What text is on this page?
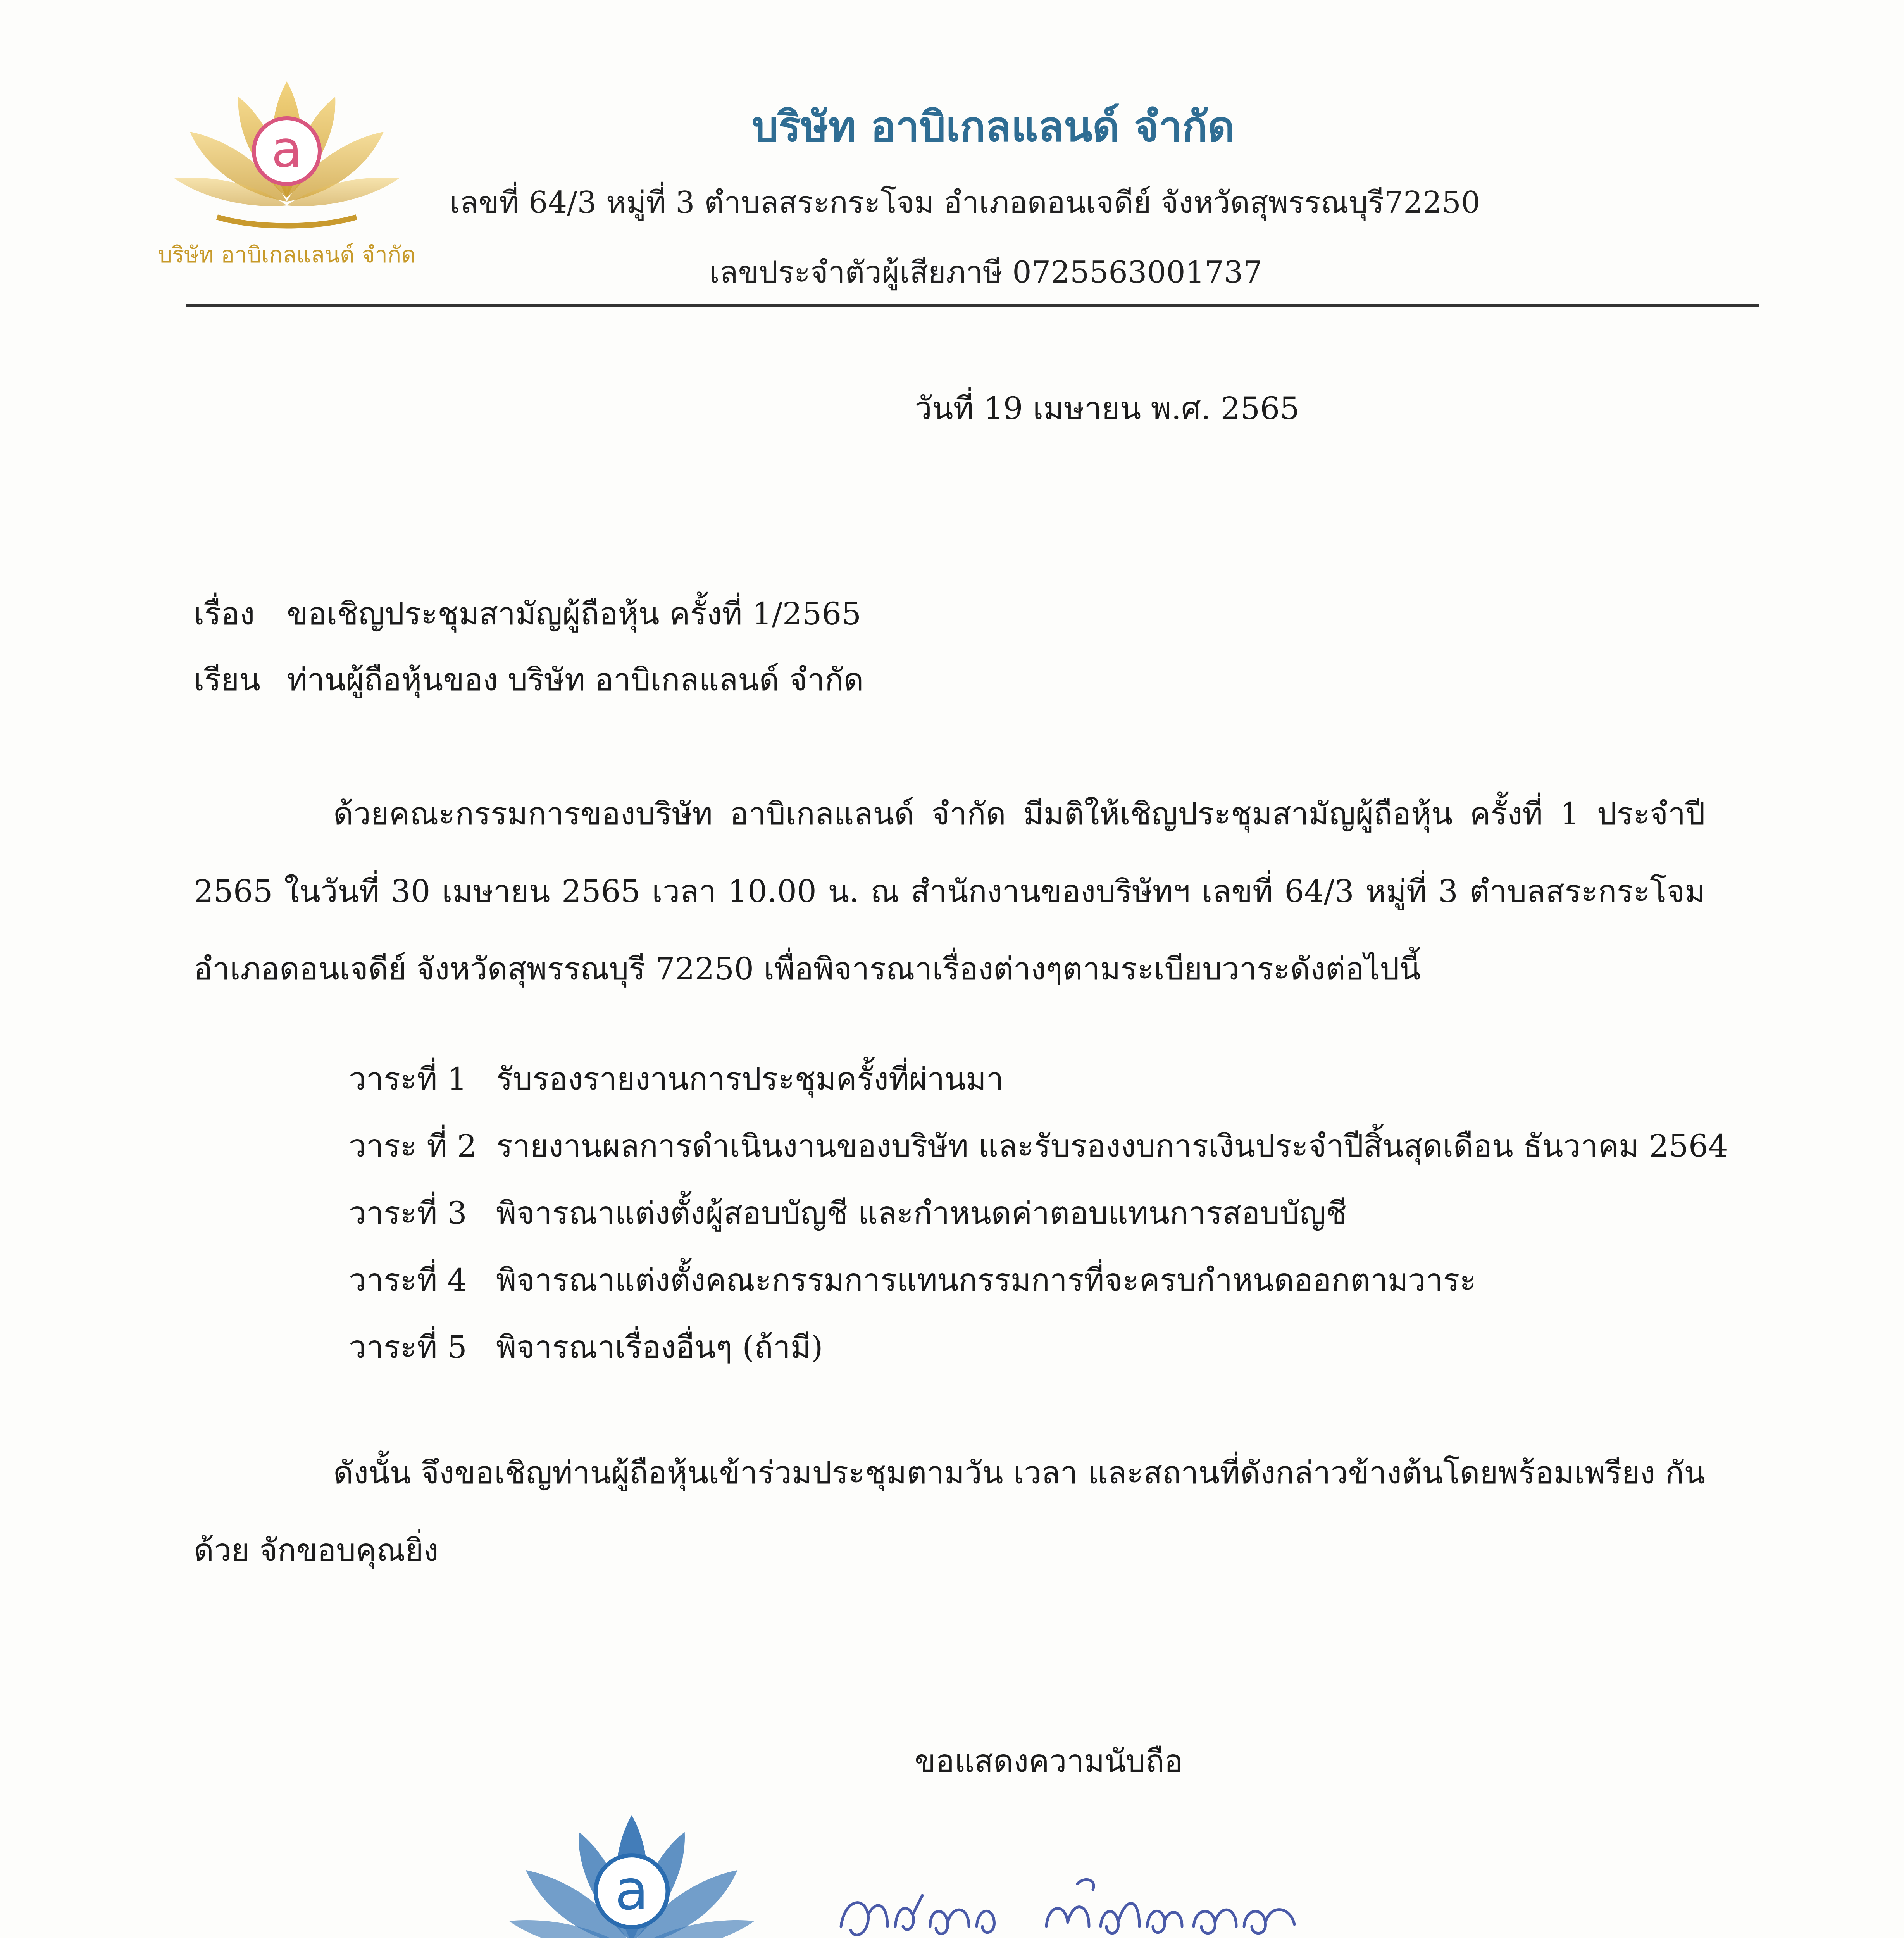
a
บริษัท อาบิเกลแลนด์ จำกัด
บริษัท อาบิเกลแลนด์ จำกัด
เลขที่ 64/3 หมู่ที่ 3 ตำบลสระกระโจม อำเภอดอนเจดีย์ จังหวัดสุพรรณบุรี72250
เลขประจำตัวผู้เสียภาษี 0725563001737
วันที่ 19 เมษายน พ.ศ. 2565
เรื่อง ขอเชิญประชุมสามัญผู้ถือหุ้น ครั้งที่ 1/2565
เรียน ท่านผู้ถือหุ้นของ บริษัท อาบิเกลแลนด์ จำกัด
ด้วยคณะกรรมการของบริษัท อาบิเกลแลนด์ จำกัด มีมติให้เชิญประชุมสามัญผู้ถือหุ้น ครั้งที่ 1 ประจำปี 2565 ในวันที่ 30 เมษายน 2565 เวลา 10.00 น. ณ สำนักงานของบริษัทฯ เลขที่ 64/3 หมู่ที่ 3 ตำบลสระกระโจม อำเภอดอนเจดีย์ จังหวัดสุพรรณบุรี 72250 เพื่อพิจารณาเรื่องต่างๆตามระเบียบวาระดังต่อไปนี้
วาระที่ 1 รับรองรายงานการประชุมครั้งที่ผ่านมา
วาระ ที่ 2 รายงานผลการดำเนินงานของบริษัท และรับรองงบการเงินประจำปีสิ้นสุดเดือน ธันวาคม 2564
วาระที่ 3 พิจารณาแต่งตั้งผู้สอบบัญชี และกำหนดค่าตอบแทนการสอบบัญชี
วาระที่ 4 พิจารณาแต่งตั้งคณะกรรมการแทนกรรมการที่จะครบกำหนดออกตามวาระ
วาระที่ 5 พิจารณาเรื่องอื่นๆ (ถ้ามี)
ดังนั้น จึงขอเชิญท่านผู้ถือหุ้นเข้าร่วมประชุมตามวัน เวลา และสถานที่ดังกล่าวข้างต้นโดยพร้อมเพรียง กันด้วย จักขอบคุณยิ่ง
ขอแสดงความนับถือ
a
